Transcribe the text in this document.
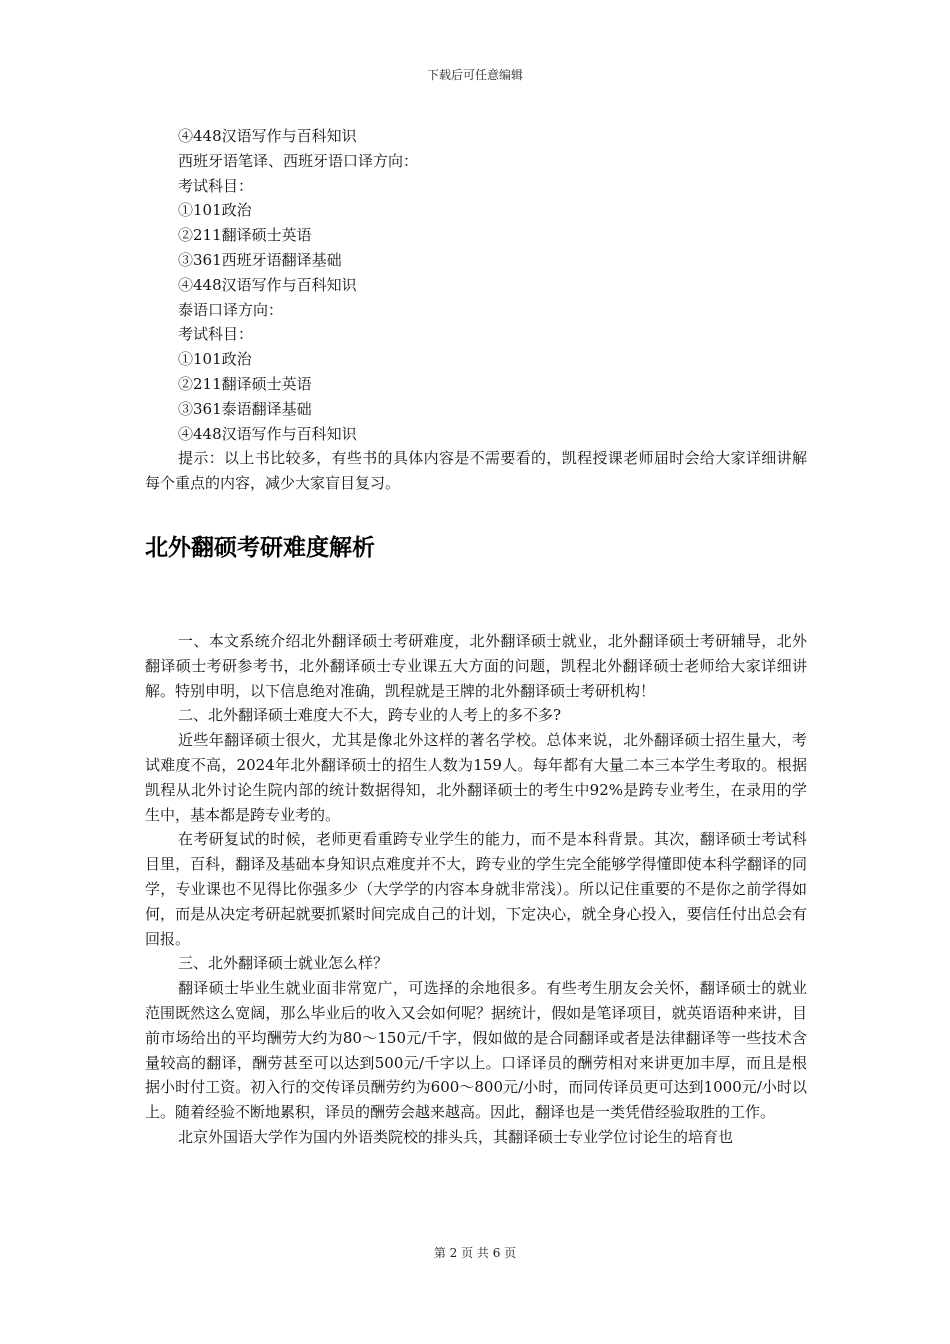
下载后可任意编辑
④448汉语写作与百科知识
西班牙语笔译、西班牙语口译方向：
考试科目：
①101政治
②211翻译硕士英语
③361西班牙语翻译基础
④448汉语写作与百科知识
泰语口译方向：
考试科目：
①101政治
②211翻译硕士英语
③361泰语翻译基础
④448汉语写作与百科知识

提示：以上书比较多，有些书的具体内容是不需要看的，凯程授课老师届时会给大家详细讲解每个重点的内容，减少大家盲目复习。

北外翻硕考研难度解析

一、本文系统介绍北外翻译硕士考研难度，北外翻译硕士就业，北外翻译硕士考研辅导，北外翻译硕士考研参考书，北外翻译硕士专业课五大方面的问题，凯程北外翻译硕士老师给大家详细讲解。特别申明，以下信息绝对准确，凯程就是王牌的北外翻译硕士考研机构！

二、北外翻译硕士难度大不大，跨专业的人考上的多不多?

近些年翻译硕士很火，尤其是像北外这样的著名学校。总体来说，北外翻译硕士招生量大，考试难度不高，2024年北外翻译硕士的招生人数为159人。每年都有大量二本三本学生考取的。根据凯程从北外讨论生院内部的统计数据得知，北外翻译硕士的考生中92%是跨专业考生，在录用的学生中，基本都是跨专业考的。

在考研复试的时候，老师更看重跨专业学生的能力，而不是本科背景。其次，翻译硕士考试科目里，百科，翻译及基础本身知识点难度并不大，跨专业的学生完全能够学得懂即使本科学翻译的同学，专业课也不见得比你强多少（大学学的内容本身就非常浅）。所以记住重要的不是你之前学得如何，而是从决定考研起就要抓紧时间完成自己的计划，下定决心，就全身心投入，要信任付出总会有回报。

三、北外翻译硕士就业怎么样？

翻译硕士毕业生就业面非常宽广，可选择的余地很多。有些考生朋友会关怀，翻译硕士的就业范围既然这么宽阔，那么毕业后的收入又会如何呢？据统计，假如是笔译项目，就英语语种来讲，目前市场给出的平均酬劳大约为80～150元/千字，假如做的是合同翻译或者是法律翻译等一些技术含量较高的翻译，酬劳甚至可以达到500元/千字以上。口译译员的酬劳相对来讲更加丰厚，而且是根据小时付工资。初入行的交传译员酬劳约为600～800元/小时，而同传译员更可达到1000元/小时以上。随着经验不断地累积，译员的酬劳会越来越高。因此，翻译也是一类凭借经验取胜的工作。

北京外国语大学作为国内外语类院校的排头兵，其翻译硕士专业学位讨论生的培育也

第 2 页 共 6 页
